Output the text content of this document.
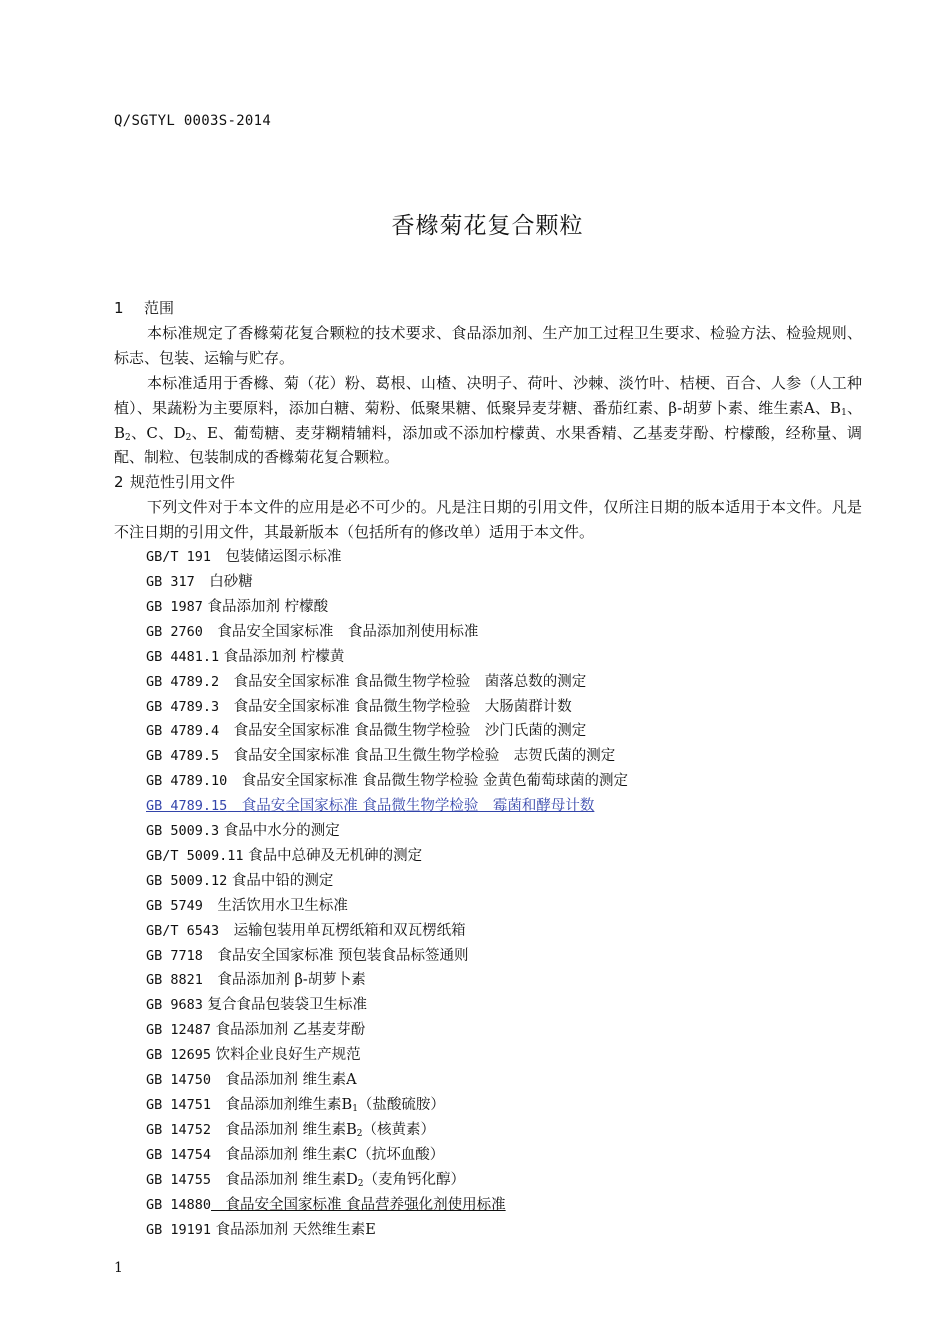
Q/SGTYL 0003S-2014
香橼菊花复合颗粒
1 范围
本标准规定了香橼菊花复合颗粒的技术要求、食品添加剂、生产加工过程卫生要求、检验方法、检验规则、标志、包装、运输与贮存。
本标准适用于香橼、菊（花）粉、葛根、山楂、决明子、荷叶、沙棘、淡竹叶、桔梗、百合、人参（人工种植）、果蔬粉为主要原料，添加白糖、菊粉、低聚果糖、低聚异麦芽糖、番茄红素、β-胡萝卜素、维生素A、$B_1$、$B_2$、C、$D_2$、E、葡萄糖、麦芽糊精辅料，添加或不添加柠檬黄、水果香精、乙基麦芽酚、柠檬酸，经称量、调配、制粒、包装制成的香橼菊花复合颗粒。
2 规范性引用文件
下列文件对于本文件的应用是必不可少的。凡是注日期的引用文件，仅所注日期的版本适用于本文件。凡是不注日期的引用文件，其最新版本（包括所有的修改单）适用于本文件。
GB/T 191　 包装储运图示标准
GB 317　 白砂糖
GB 1987 食品添加剂 柠檬酸
GB 2760　 食品安全国家标准　食品添加剂使用标准
GB 4481.1 食品添加剂 柠檬黄
GB 4789.2　 食品安全国家标准 食品微生物学检验　菌落总数的测定
GB 4789.3　 食品安全国家标准 食品微生物学检验　大肠菌群计数
GB 4789.4　 食品安全国家标准 食品微生物学检验　沙门氏菌的测定
GB 4789.5　 食品安全国家标准 食品卫生微生物学检验　志贺氏菌的测定
GB 4789.10　 食品安全国家标准 食品微生物学检验 金黄色葡萄球菌的测定
GB 4789.15　 食品安全国家标准 食品微生物学检验　霉菌和酵母计数
GB 5009.3 食品中水分的测定
GB/T 5009.11 食品中总砷及无机砷的测定
GB 5009.12 食品中铅的测定
GB 5749　 生活饮用水卫生标准
GB/T 6543　 运输包装用单瓦楞纸箱和双瓦楞纸箱
GB 7718　 食品安全国家标准 预包装食品标签通则
GB 8821　 食品添加剂 β-胡萝卜素
GB 9683 复合食品包装袋卫生标准
GB 12487 食品添加剂 乙基麦芽酚
GB 12695 饮料企业良好生产规范
GB 14750　 食品添加剂 维生素A
GB 14751　 食品添加剂维生素$B_1$（盐酸硫胺）
GB 14752　 食品添加剂 维生素$B_2$（核黄素）
GB 14754　 食品添加剂 维生素C（抗坏血酸）
GB 14755　 食品添加剂 维生素$D_2$（麦角钙化醇）
GB 14880　 食品安全国家标准 食品营养强化剂使用标准
GB 19191 食品添加剂 天然维生素E
1
